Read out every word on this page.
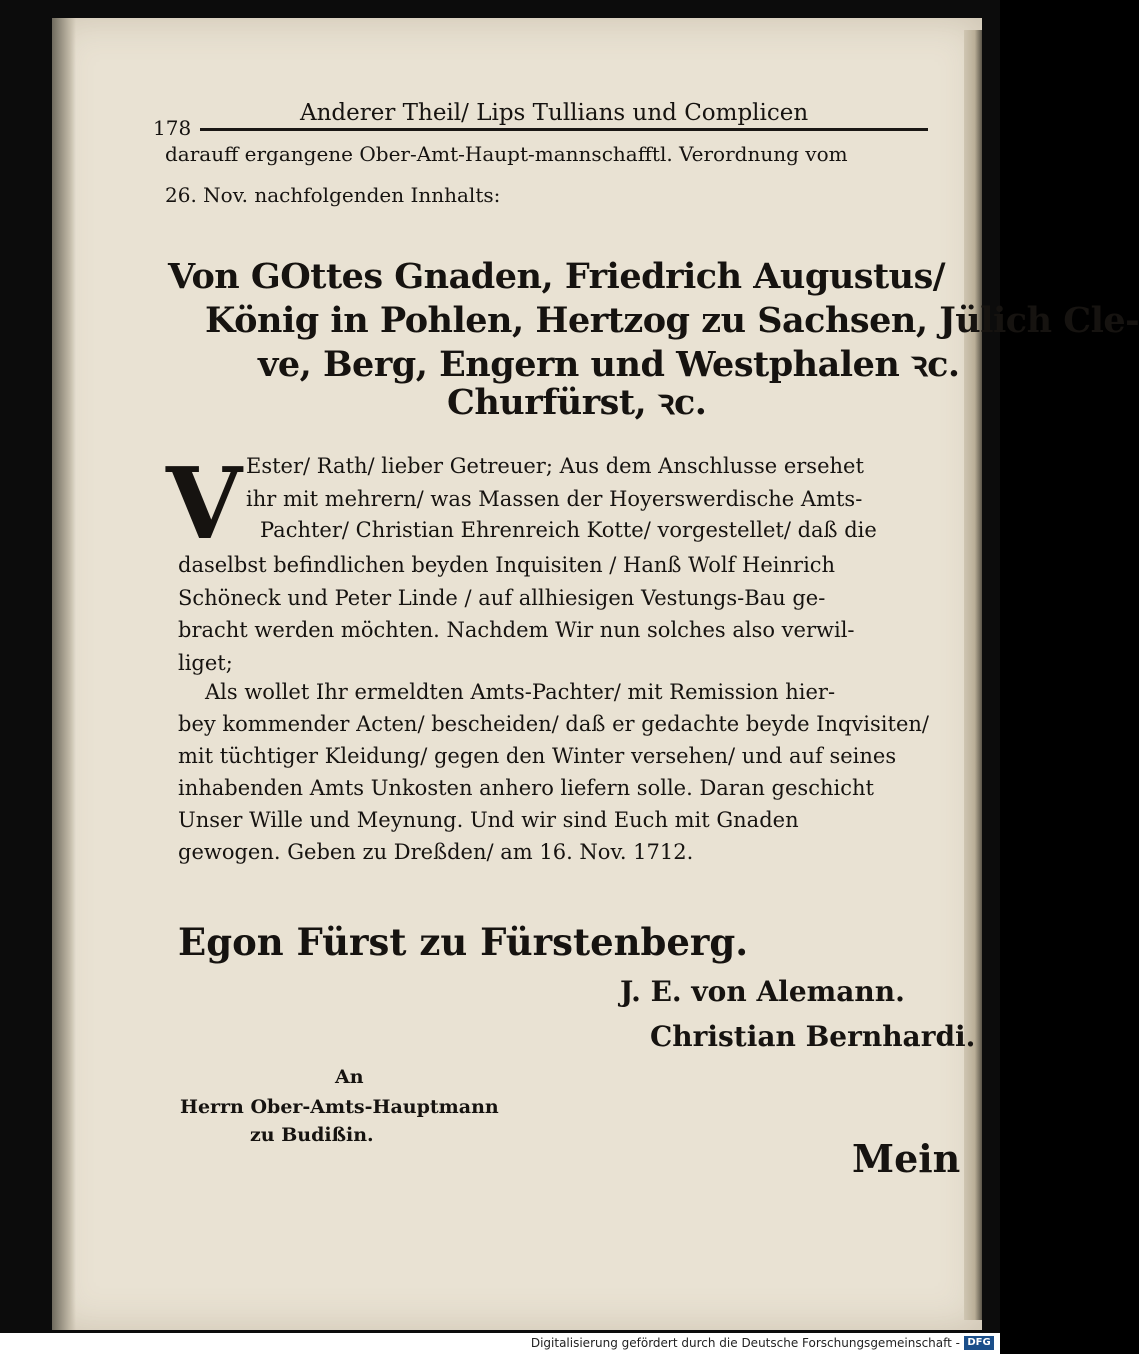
178

Anderer Theil/ Lips Tullians und Complicen

darauff ergangene Ober-Amt-Haupt-mannschafftl. Verordnung vom

26. Nov. nachfolgenden Innhalts:

Von GOttes Gnaden, Friedrich Augustus/

König in Pohlen, Hertzog zu Sachsen, Jülich Cle-

ve, Berg, Engern und Westphalen ꝛc.

Churfürst, ꝛc.

V Ester/ Rath/ lieber Getreuer; Aus dem Anschlusse ersehet

ihr mit mehrern/ was Massen der Hoyerswerdische Amts-

Pachter/ Christian Ehrenreich Kotte/ vorgestellet/ daß die

daselbst befindlichen beyden Inquisiten / Hanß Wolf Heinrich

Schöneck und Peter Linde / auf allhiesigen Vestungs-Bau ge-

bracht werden möchten. Nachdem Wir nun solches also verwil-

liget;

Als wollet Ihr ermeldten Amts-Pachter/ mit Remission hier-

bey kommender Acten/ bescheiden/ daß er gedachte beyde Inqvisiten/

mit tüchtiger Kleidung/ gegen den Winter versehen/ und auf seines

inhabenden Amts Unkosten anhero liefern solle. Daran geschicht

Unser Wille und Meynung. Und wir sind Euch mit Gnaden

gewogen. Geben zu Dreßden/ am 16. Nov. 1712.

Egon Fürst zu Fürstenberg.

J. E. von Alemann.

Christian Bernhardi.

An

Herrn Ober-Amts-Hauptmann

zu Budißin.

Mein

Digitalisierung gefördert durch die Deutsche Forschungsgemeinschaft - DFG
